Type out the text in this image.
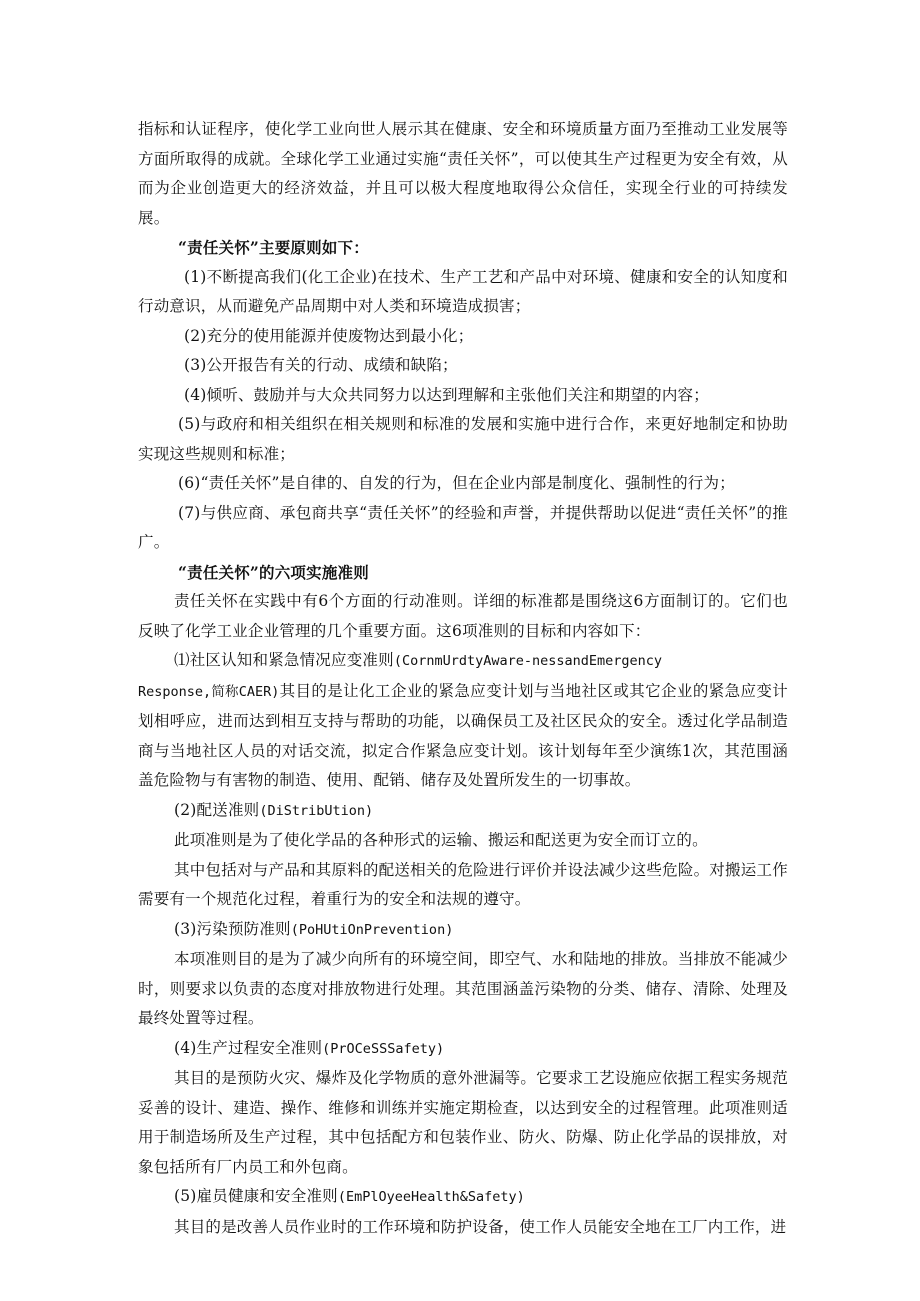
指标和认证程序，使化学工业向世人展示其在健康、安全和环境质量方面乃至推动工业发展等方面所取得的成就。全球化学工业通过实施“责任关怀”，可以使其生产过程更为安全有效，从而为企业创造更大的经济效益，并且可以极大程度地取得公众信任，实现全行业的可持续发展。

“责任关怀”主要原则如下：

(1)不断提高我们(化工企业)在技术、生产工艺和产品中对环境、健康和安全的认知度和行动意识，从而避免产品周期中对人类和环境造成损害；

(2)充分的使用能源并使废物达到最小化；

(3)公开报告有关的行动、成绩和缺陷；

(4)倾听、鼓励并与大众共同努力以达到理解和主张他们关注和期望的内容；

(5)与政府和相关组织在相关规则和标准的发展和实施中进行合作，来更好地制定和协助实现这些规则和标准；

(6)“责任关怀”是自律的、自发的行为，但在企业内部是制度化、强制性的行为；

(7)与供应商、承包商共享“责任关怀”的经验和声誉，并提供帮助以促进“责任关怀”的推广。

“责任关怀”的六项实施准则

责任关怀在实践中有6个方面的行动准则。详细的标准都是围绕这6方面制订的。它们也反映了化学工业企业管理的几个重要方面。这6项准则的目标和内容如下：

⑴社区认知和紧急情况应变准则(CornmUrdtyAware-nessandEmergency

Response,简称CAER)其目的是让化工企业的紧急应变计划与当地社区或其它企业的紧急应变计划相呼应，进而达到相互支持与帮助的功能，以确保员工及社区民众的安全。透过化学品制造商与当地社区人员的对话交流，拟定合作紧急应变计划。该计划每年至少演练1次，其范围涵盖危险物与有害物的制造、使用、配销、储存及处置所发生的一切事故。

(2)配送准则(DiStribUtion)

此项准则是为了使化学品的各种形式的运输、搬运和配送更为安全而订立的。

其中包括对与产品和其原料的配送相关的危险进行评价并设法减少这些危险。对搬运工作需要有一个规范化过程，着重行为的安全和法规的遵守。

(3)污染预防准则(PoHUtiOnPrevention)

本项准则目的是为了减少向所有的环境空间，即空气、水和陆地的排放。当排放不能减少时，则要求以负责的态度对排放物进行处理。其范围涵盖污染物的分类、储存、清除、处理及最终处置等过程。

(4)生产过程安全准则(PrOCeSSSafety)

其目的是预防火灾、爆炸及化学物质的意外泄漏等。它要求工艺设施应依据工程实务规范妥善的设计、建造、操作、维修和训练并实施定期检查，以达到安全的过程管理。此项准则适用于制造场所及生产过程，其中包括配方和包装作业、防火、防爆、防止化学品的误排放，对象包括所有厂内员工和外包商。

(5)雇员健康和安全准则(EmPlOyeeHealth&Safety)

其目的是改善人员作业时的工作环境和防护设备，使工作人员能安全地在工厂内工作，进
